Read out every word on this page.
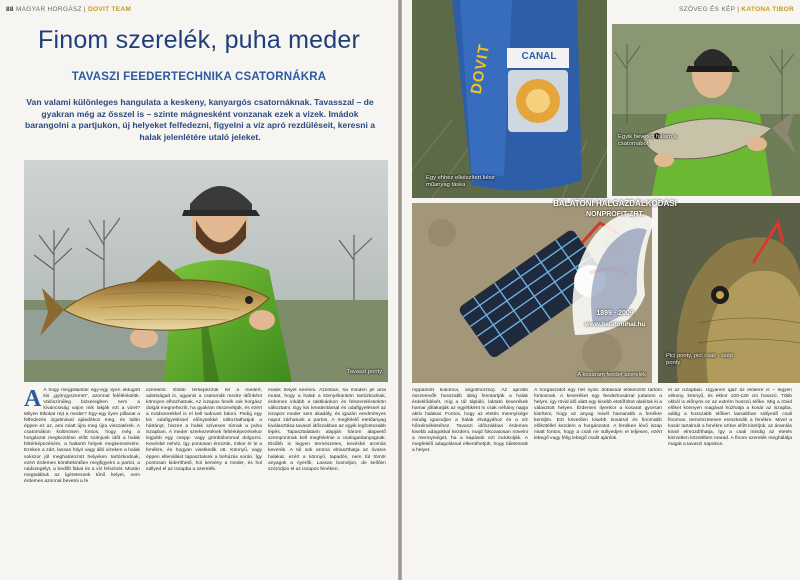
88 MAGYAR HORGÁSZ | DOVIT TEAM
Finom szerelék, puha meder
TAVASZI FEEDERTECHNIKA CSATORNÁKRA
Van valami különleges hangulata a keskeny, kanyargós csatornáknak. Tavasszal – de gyakran még az ősszel is – szinte mágnesként vonzanak ezek a vizek. Imádok barangolni a partjukon, új helyeket felfedezni, figyelni a víz apró rezdüléseit, keresni a halak jelenlétére utaló jeleket.
Tavaszi ponty
A A hogy megpillantok egy-egy ilyen eldugott kis „gyöngyszemet”, azonnal felélénkülök. Valószínűleg bizseregben nem a kíváncsiság vajon mik lakják ezt a vizet? Milyen titkokat rejt a meder? Egy-egy ilyen pillanat a felfedezés izgalmával ajándékoz meg, és talán éppen ez az, ami miatt újra meg újra visszatérek. A csatornákon különösen fontos, hogy még a horgászat megkezdése előtt szánjunk időt a halak feltérképezésére, a haltartó helyek megkeresésére. Ezeken a zárt, lassan folyó vagy álló vizeken a halak sokszor jól meghatározott helyeken tartózkodnak, ezért érdemes körültekintően megfigyelni a partot, a nádszegélyt, a bedőlt fákat és a víz felszínét. Miután megtaláltuk az ígéretesnek tűnő helyet, nem érdemes azonnal bevetni a fe
szerelést. Előbb térképezzük fel a medert, adottságait is, ugyanis a csatornák medre időnként könnyen elhozhatnak. Az iszapos fenék sok horgász dolgát megnehezíti, ha gyakran összevétjük, és ezért a módszerekkel is el kell tudnunk bánni. Pedig egy kis odafigyeléssel előnyünkké változtathatjuk a hátrányt, hiszen a halak szívesen túrnak a puha iszapban. A meder szerkezetének feltérképezésekor legjobb egy csepp- vagy gömbólommal dolgozni. Kevésbé nehéz, így pontosan érezzük, mikor ér le a fenékre, és hogyan viselkedik ott. Könnyű, vagy éppen ellenállást tapasztalunk a behúzás során. Így pontosan kideríthető, hol kemény a meder, és hol süllyed el az iszapba a szerelék.
másik helyet keresni. Azonban, ha minden jel arra mutat, hogy a halak a környékünkön tartózkodnak, érdemes inkább a taktikánkon és felszerelésünkön változtatni. Egy kis kreativitással és odafigyeléssel az iszapos meder sem akadály, és igazán eredményes napot zárhatunk a parton. A megfelelő etetőanyag kiválasztása tavaszi időszakban az egyik legfontosabb lépés. Tapasztalataim alapján három alapvető szempontnak kell megfelelnie a csalogatóanyagnak. Elsőbb is legyen természetes, kevésbé aromás keverék. A túl sok aroma elriaszthatja az óvatos halakat, ezért a könnyű, tapadós, nem túl tömör anyagok a nyerők. Lassan bomoljon, de kellően szóródjon el az iszapos fenéken.
SZÖVEG ÉS KÉP | KATONA TIBOR
DOVIT	CANAL
Egy ehhez elkészített kész műanyag táska
Egyik bevetett halam a csatornából
A kosaram feeder szerelék
Pici ponty, pici csali - szép ponty
roppantott kukorica, angolmorzsa). Az aprobb összetevők hosszabb ideig fenntartják a halak érdeklődését, míg a túl tápláló, laktató keverékek hamar jóllakatják az egyébként is csak néhány napja aktív halakat. Fontos, hogy az etetés mennyisége mindig igazodjon a halak étvágyához és a víz hőmérsékletéhez. Tavaszi időszakban érdemes kisebb adagokkal kezdeni, majd fokozatosan növelni a mennyiséget, ha a kapások ezt indokolják. A megfelelő adagolással elkerülhetjük, hogy túletessük a helyet.
A horgászatot egy hét nyolc dobással előkészítő tartom fontosnak. A keveréket egy feederkosárral juttatom a helyre, így rövid idő alatt egy kisebb etetőfoltot alakítok ki a választott helyen. Érdemes ilyenkor a kosarat gyorsan kiüríteni, hogy az anyag minél hamarabb a fenékre kerüljön. Ezt követően kisebb kosárral és finomabb előkötéllel kezdem a horgászatot. A fenéken lévő iszap miatt fontos, hogy a csali ne süllyedjen el teljesen, ezért lebegő vagy félig lebegő csalit ajánlok.
el az iszapban. Ugyanez igaz az előkére is – legyen vékony, könnyű, és ekkor 100-130 cm hosszú. Több okból is előnyös ez az extrém hosszú előke. Míg a rövid előket könnyen magával húzhatja a kosár az iszapba, addig a hosszabb előken lassabban süllyedő csali finoman, természetesen ereszkedik a fenékre. Mivel a kosár tartalmát a fenékre ürítve előtt kiürítjük, az áramlás kissé elmozdíthatja, így a csali mindig az etetés közvetlen közelében marad. A finom szerelék meghálálja magát a tavaszi napokon.
BALATONI HALGAZDÁLKODÁSI
NONPROFIT ZRT.
1899 · 2009
www.balatonihal.hu
